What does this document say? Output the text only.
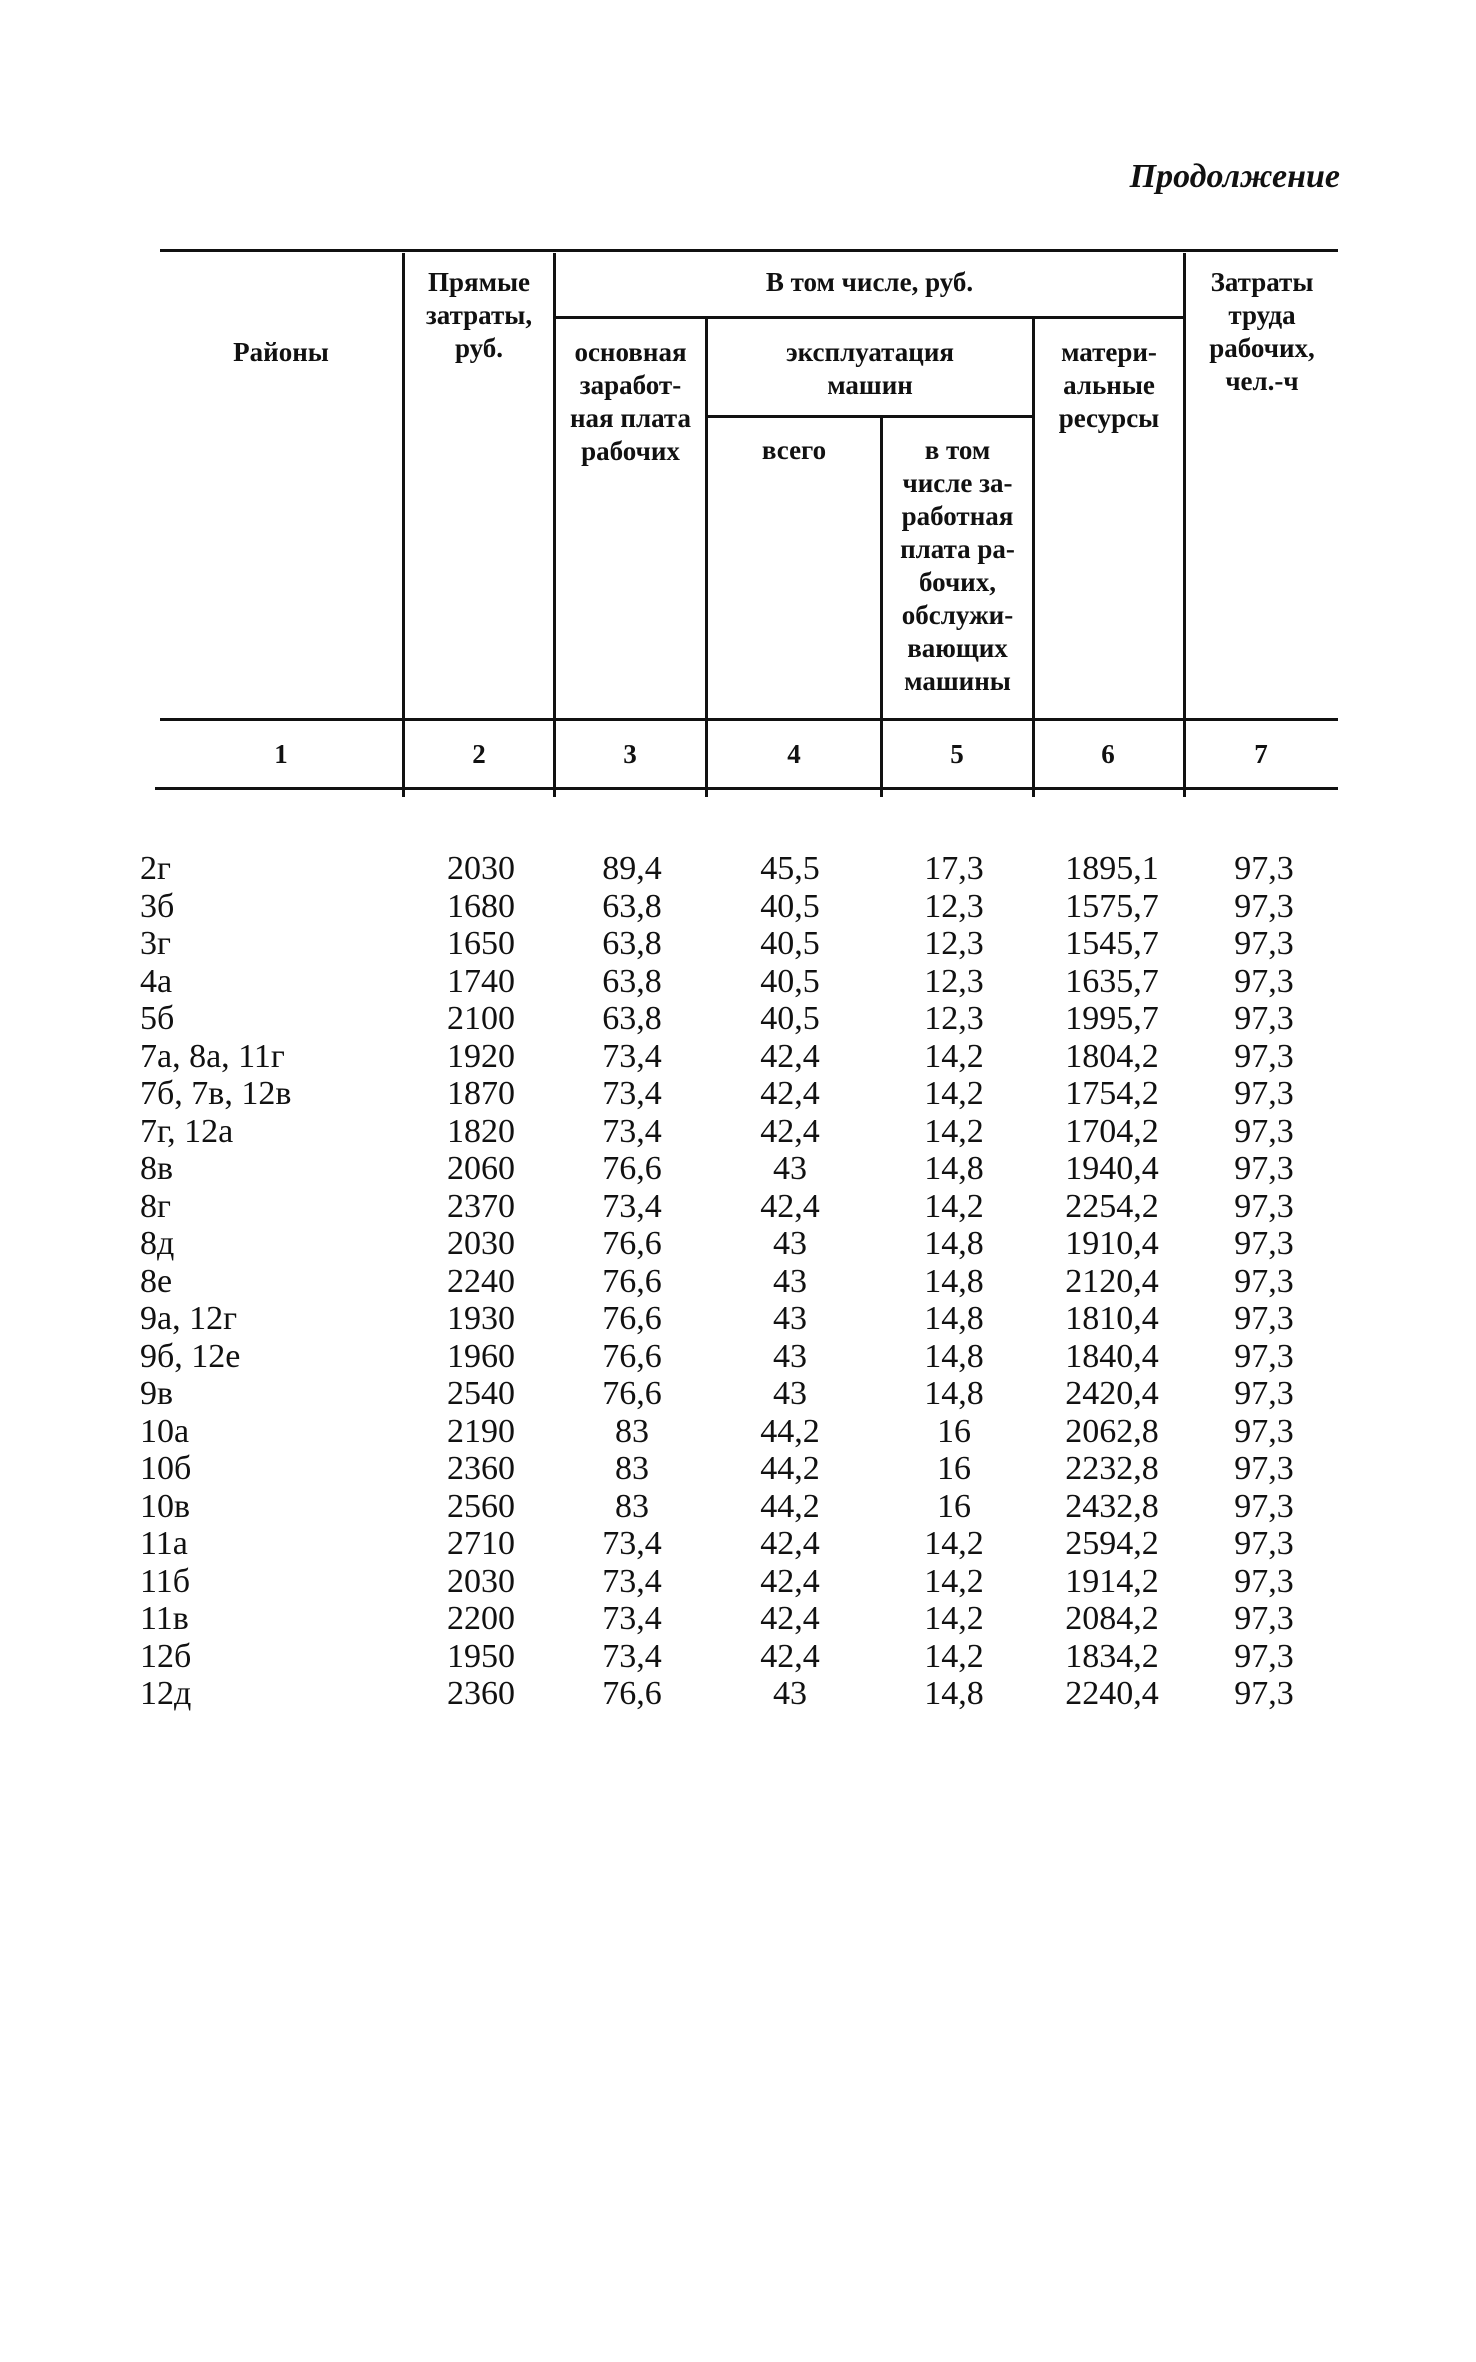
Продолжение
Районы
Прямые
затраты,
руб.
В том числе, руб.
основная
заработ-
ная плата
рабочих
эксплуатация
машин
всего	в том
числе за-
работная
плата ра-
бочих,
обслужи-
вающих
машины
матери-
альные
ресурсы
Затраты
труда
рабочих,
чел.-ч
1	2	3	4	5	6	7
2г	2030	89,4	45,5	17,3	1895,1	97,3
3б	1680	63,8	40,5	12,3	1575,7	97,3
3г	1650	63,8	40,5	12,3	1545,7	97,3
4а	1740	63,8	40,5	12,3	1635,7	97,3
5б	2100	63,8	40,5	12,3	1995,7	97,3
7а, 8а, 11г	1920	73,4	42,4	14,2	1804,2	97,3
7б, 7в, 12в	1870	73,4	42,4	14,2	1754,2	97,3
7г, 12а	1820	73,4	42,4	14,2	1704,2	97,3
8в	2060	76,6	43	14,8	1940,4	97,3
8г	2370	73,4	42,4	14,2	2254,2	97,3
8д	2030	76,6	43	14,8	1910,4	97,3
8е	2240	76,6	43	14,8	2120,4	97,3
9а, 12г	1930	76,6	43	14,8	1810,4	97,3
9б, 12е	1960	76,6	43	14,8	1840,4	97,3
9в	2540	76,6	43	14,8	2420,4	97,3
10а	2190	83	44,2	16	2062,8	97,3
10б	2360	83	44,2	16	2232,8	97,3
10в	2560	83	44,2	16	2432,8	97,3
11а	2710	73,4	42,4	14,2	2594,2	97,3
11б	2030	73,4	42,4	14,2	1914,2	97,3
11в	2200	73,4	42,4	14,2	2084,2	97,3
12б	1950	73,4	42,4	14,2	1834,2	97,3
12д	2360	76,6	43	14,8	2240,4	97,3
